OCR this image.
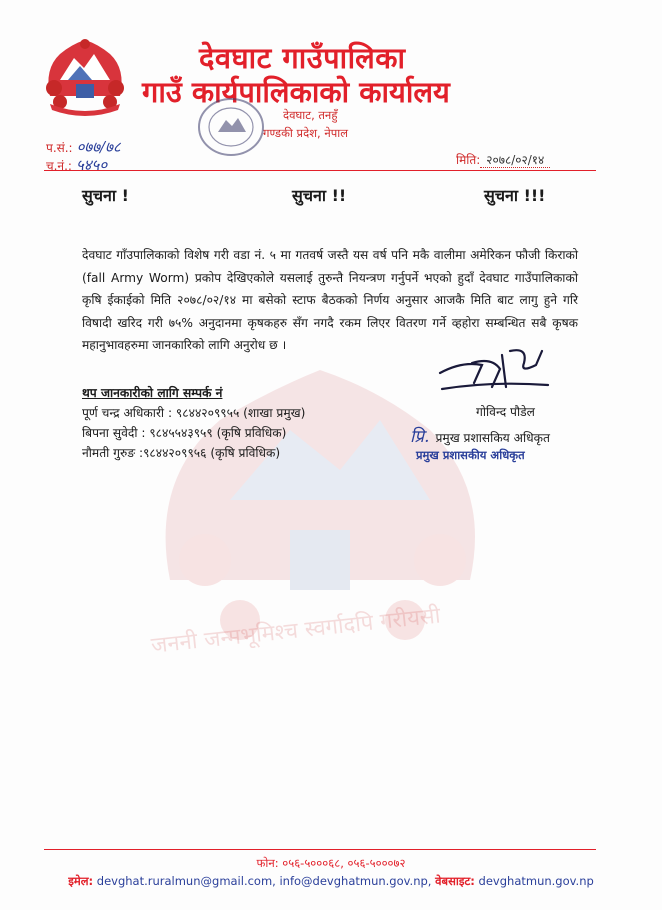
जननी जन्मभूमिश्च स्वर्गादपि गरीयसी
देवघाट गाउँपालिका
गाउँ कार्यपालिकाको कार्यालय
देवघाट, तनहुँ
गण्डकी प्रदेश, नेपाल
प.सं.: ०७७/७८
च.नं.: ५४५०	मिति: २०७८/०२/१४
सुचना !	सुचना !!	सुचना !!!
देवघाट गाँउपालिकाको विशेष गरी वडा नं. ५ मा गतवर्ष जस्तै यस वर्ष पनि मकै वालीमा अमेरिकन फौजी किराको (fall Army Worm) प्रकोप देखिएकोले यसलाई तुरुन्तै नियन्त्रण गर्नुपर्ने भएको हुदाँ देवघाट गाउँपालिकाको कृषि ईकाईको मिति २०७८/०२/१४ मा बसेको स्टाफ बैठकको निर्णय अनुसार आजकै मिति बाट लागु हुने गरि विषादी खरिद गरी ७५% अनुदानमा कृषकहरु सँग नगदै रकम लिएर वितरण गर्ने व्हहोरा सम्बन्धित सबै कृषक महानुभावहरुमा जानकारिको लागि अनुरोध छ ।
गोविन्द पौडेल
प्रि. प्रमुख प्रशासकिय अधिकृत
प्रमुख प्रशासकीय अधिकृत
थप जानकारीको लागि सम्पर्क नं
पूर्ण चन्द्र अधिकारी : ९८४४२०९९५५ (शाखा प्रमुख)
बिपना सुवेदी : ९८४५५४३९५९ (कृषि प्रविधिक)
नौमती गुरुङ :९८४४२०९९५६ (कृषि प्रविधिक)
फोन: ०५६-५०००६८, ०५६-५०००७२
इमेल: devghat.ruralmun@gmail.com, info@devghatmun.gov.np, वेबसाइट: devghatmun.gov.np
